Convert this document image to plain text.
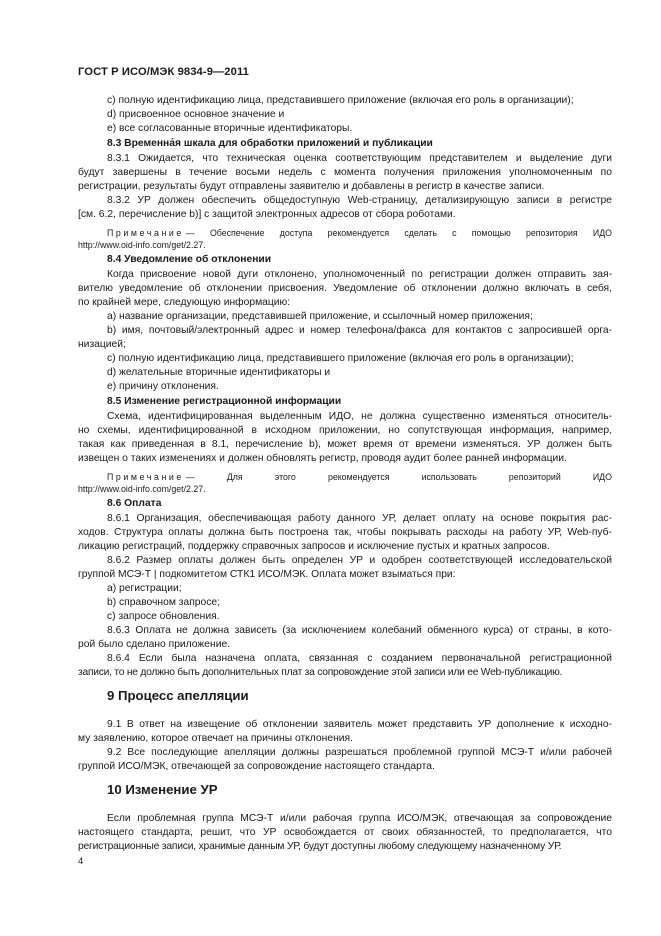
ГОСТ Р ИСО/МЭК 9834-9—2011
c) полную идентификацию лица, представившего приложение (включая его роль в организации);
d) присвоенное основное значение и
e) все согласованные вторичные идентификаторы.
8.3 Временна́я шкала для обработки приложений и публикации
8.3.1 Ожидается, что техническая оценка соответствующим представителем и выделение дуги
будут завершены в течение восьми недель с момента получения приложения уполномоченным по
регистрации, результаты будут отправлены заявителю и добавлены в регистр в качестве записи.
8.3.2 УР должен обеспечить общедоступную Web-страницу, детализирующую записи в регистре
[см. 6.2, перечисление b)] с защитой электронных адресов от сбора роботами.
Примечание — Обеспечение доступа рекомендуется сделать с помощью репозитория ИДО
http://www.oid-info.com/get/2.27.
8.4 Уведомление об отклонении
Когда присвоение новой дуги отклонено, уполномоченный по регистрации должен отправить зая-
вителю уведомление об отклонении присвоения. Уведомление об отклонении должно включать в себя,
по крайней мере, следующую информацию:
a) название организации, представившей приложение, и ссылочный номер приложения;
b) имя, почтовый/электронный адрес и номер телефона/факса для контактов с запросившей орга-
низацией;
c) полную идентификацию лица, представившего приложение (включая его роль в организации);
d) желательные вторичные идентификаторы и
e) причину отклонения.
8.5 Изменение регистрационной информации
Схема, идентифицированная выделенным ИДО, не должна существенно изменяться относитель-
но схемы, идентифицированной в исходном приложении, но сопутствующая информация, например,
такая как приведенная в 8.1, перечисление b), может время от времени изменяться. УР должен быть
извещен о таких изменениях и должен обновлять регистр, проводя аудит более ранней информации.
Примечание — Для этого рекомендуется использовать репозиторий ИДО
http://www.oid-info.com/get/2.27.
8.6 Оплата
8.6.1 Организация, обеспечивающая работу данного УР, делает оплату на основе покрытия рас-
ходов. Структура оплаты должна быть построена так, чтобы покрывать расходы на работу УР, Web-пуб-
ликацию регистраций, поддержку справочных запросов и исключение пустых и кратных запросов.
8.6.2 Размер оплаты должен быть определен УР и одобрен соответствующей исследовательской
группой МСЭ-Т | подкомитетом СТК1 ИСО/МЭК. Оплата может взыматься при:
a) регистрации;
b) справочном запросе;
c) запросе обновления.
8.6.3 Оплата не должна зависеть (за исключением колебаний обменного курса) от страны, в кото-
рой было сделано приложение.
8.6.4 Если была назначена оплата, связанная с созданием первоначальной регистрационной
записи, то не должно быть дополнительных плат за сопровождение этой записи или ее Web-публикацию.
9 Процесс апелляции
9.1 В ответ на извещение об отклонении заявитель может представить УР дополнение к исходно-
му заявлению, которое отвечает на причины отклонения.
9.2 Все последующие апелляции должны разрешаться проблемной группой МСЭ-Т и/или рабочей
группой ИСО/МЭК, отвечающей за сопровождение настоящего стандарта.
10 Изменение УР
Если проблемная группа МСЭ-Т и/или рабочая группа ИСО/МЭК, отвечающая за сопровождение
настоящего стандарта, решит, что УР освобождается от своих обязанностей, то предполагается, что
регистрационные записи, хранимые данным УР, будут доступны любому следующему назначенному УР.
4
